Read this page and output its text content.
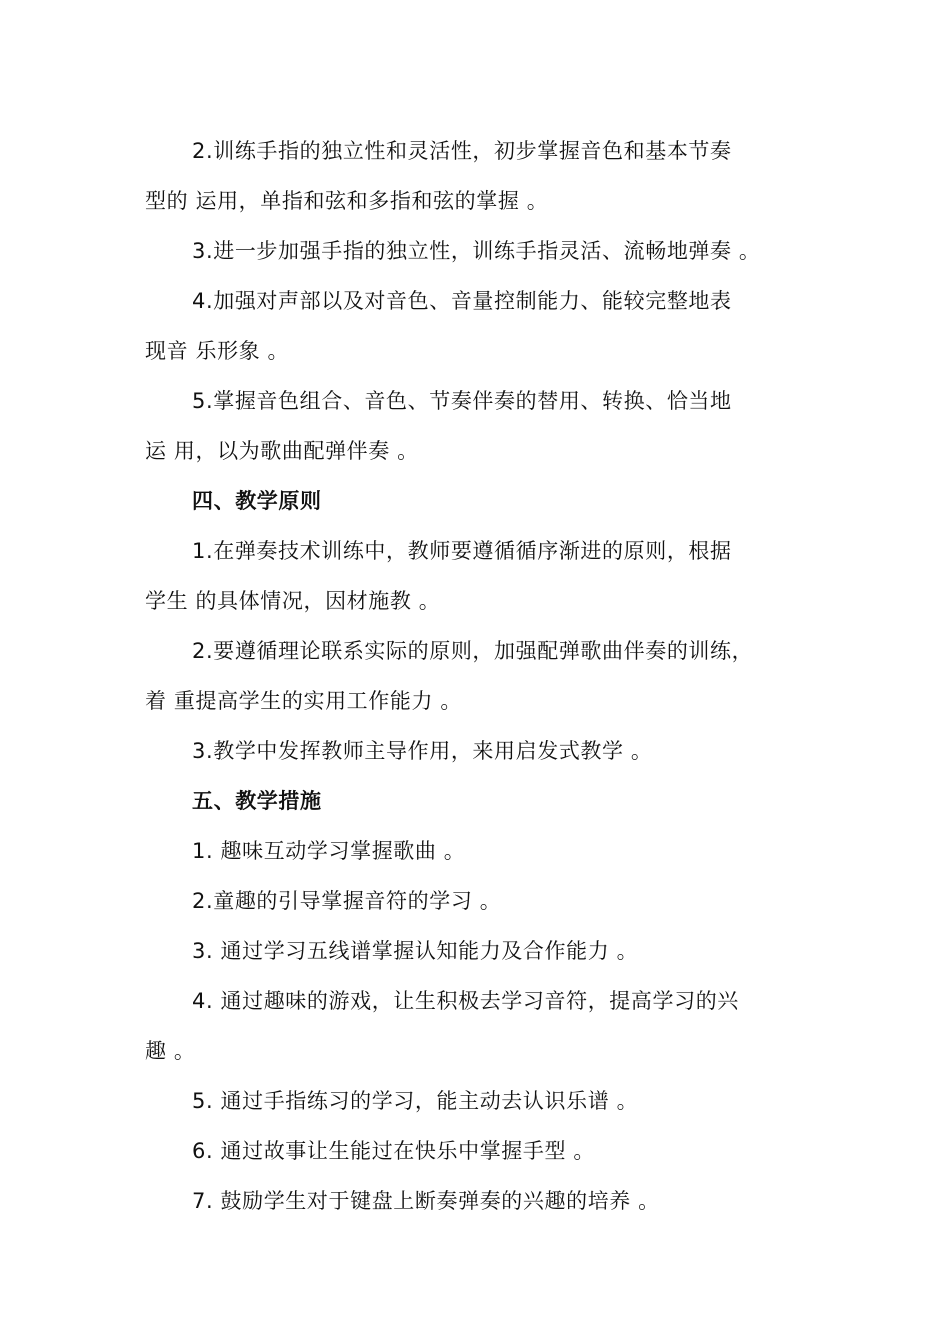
2.训练手指的独立性和灵活性，初步掌握音色和基本节奏
型的 运用，单指和弦和多指和弦的掌握 。
3.进一步加强手指的独立性，训练手指灵活、流畅地弹奏 。
4.加强对声部以及对音色、音量控制能力、能较完整地表
现音 乐形象 。
5.掌握音色组合、音色、节奏伴奏的替用、转换、恰当地
运 用，以为歌曲配弹伴奏 。
四、教学原则
1.在弹奏技术训练中，教师要遵循循序渐进的原则，根据
学生 的具体情况，因材施教 。
2.要遵循理论联系实际的原则，加强配弹歌曲伴奏的训练，
着 重提高学生的实用工作能力 。
3.教学中发挥教师主导作用，来用启发式教学 。
五、教学措施
1. 趣味互动学习掌握歌曲 。
2.童趣的引导掌握音符的学习 。
3. 通过学习五线谱掌握认知能力及合作能力 。
4. 通过趣味的游戏，让生积极去学习音符，提高学习的兴
趣 。
5. 通过手指练习的学习，能主动去认识乐谱 。
6. 通过故事让生能过在快乐中掌握手型 。
7. 鼓励学生对于键盘上断奏弹奏的兴趣的培养 。
